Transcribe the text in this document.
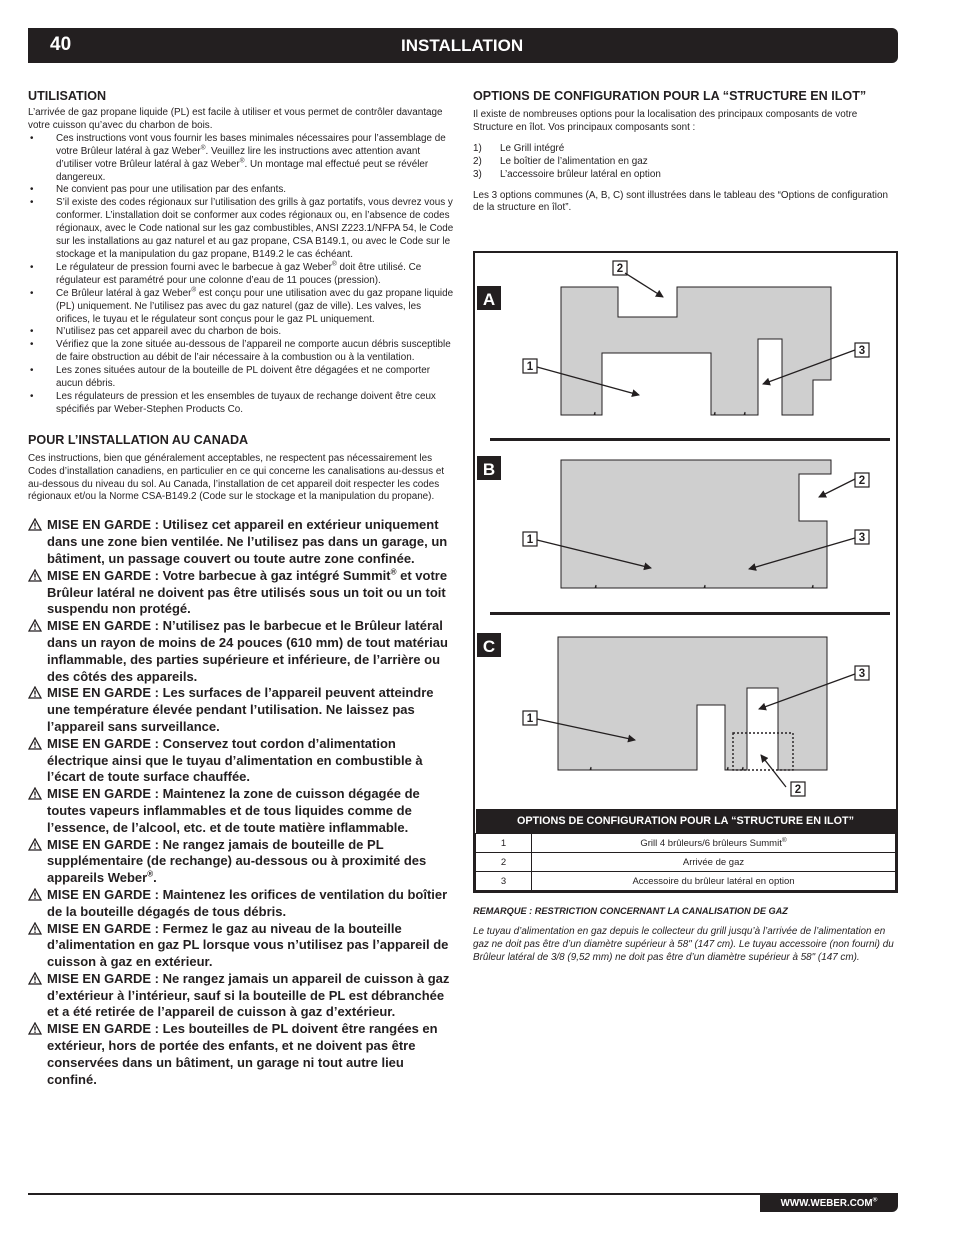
40	INSTALLATION
UTILISATION

L’arrivée de gaz propane liquide (PL) est facile à utiliser et vous permet de contrôler davantage votre cuisson qu’avec du charbon de bois.

• Ces instructions vont vous fournir les bases minimales nécessaires pour l’assemblage de votre Brûleur latéral à gaz Weber®. Veuillez lire les instructions avec attention avant d’utiliser votre Brûleur latéral à gaz Weber®. Un montage mal effectué peut se révéler dangereux.
• Ne convient pas pour une utilisation par des enfants.
• S’il existe des codes régionaux sur l’utilisation des grills à gaz portatifs, vous devrez vous y conformer. L’installation doit se conformer aux codes régionaux ou, en l’absence de codes régionaux, avec le Code national sur les gaz combustibles, ANSI Z223.1/NFPA 54, le Code sur les installations au gaz naturel et au gaz propane, CSA B149.1, ou avec le Code sur le stockage et la manipulation du gaz propane, B149.2 le cas échéant.
• Le régulateur de pression fourni avec le barbecue à gaz Weber® doit être utilisé. Ce régulateur est paramétré pour une colonne d’eau de 11 pouces (pression).
• Ce Brûleur latéral à gaz Weber® est conçu pour une utilisation avec du gaz propane liquide (PL) uniquement. Ne l’utilisez pas avec du gaz naturel (gaz de ville). Les valves, les orifices, le tuyau et le régulateur sont conçus pour le gaz PL uniquement.
• N’utilisez pas cet appareil avec du charbon de bois.
• Vérifiez que la zone située au-dessous de l’appareil ne comporte aucun débris susceptible de faire obstruction au débit de l’air nécessaire à la combustion ou à la ventilation.
• Les zones situées autour de la bouteille de PL doivent être dégagées et ne comporter aucun débris.
• Les régulateurs de pression et les ensembles de tuyaux de rechange doivent être ceux spécifiés par Weber-Stephen Products Co.
POUR L’INSTALLATION AU CANADA

Ces instructions, bien que généralement acceptables, ne respectent pas nécessairement les Codes d’installation canadiens, en particulier en ce qui concerne les canalisations au-dessus et au-dessous du niveau du sol. Au Canada, l’installation de cet appareil doit respecter les codes régionaux et/ou la Norme CSA-B149.2 (Code sur le stockage et la manipulation du propane).

MISE EN GARDE : Utilisez cet appareil en extérieur uniquement dans une zone bien ventilée. Ne l’utilisez pas dans un garage, un bâtiment, un passage couvert ou toute autre zone confinée.
MISE EN GARDE : Votre barbecue à gaz intégré Summit® et votre Brûleur latéral ne doivent pas être utilisés sous un toit ou un toit suspendu non protégé.
MISE EN GARDE : N’utilisez pas le barbecue et le Brûleur latéral dans un rayon de moins de 24 pouces (610 mm) de tout matériau inflammable, des parties supérieure et inférieure, de l’arrière ou des côtés des appareils.
MISE EN GARDE : Les surfaces de l’appareil peuvent atteindre une température élevée pendant l’utilisation. Ne laissez pas l’appareil sans surveillance.
MISE EN GARDE : Conservez tout cordon d’alimentation électrique ainsi que le tuyau d’alimentation en combustible à l’écart de toute surface chauffée.
MISE EN GARDE : Maintenez la zone de cuisson dégagée de toutes vapeurs inflammables et de tous liquides comme de l’essence, de l’alcool, etc. et de toute matière inflammable.
MISE EN GARDE : Ne rangez jamais de bouteille de PL supplémentaire (de rechange) au-dessous ou à proximité des appareils Weber®.
MISE EN GARDE : Maintenez les orifices de ventilation du boîtier de la bouteille dégagés de tous débris.
MISE EN GARDE : Fermez le gaz au niveau de la bouteille d’alimentation en gaz PL lorsque vous n’utilisez pas l’appareil de cuisson à gaz en extérieur.
MISE EN GARDE : Ne rangez jamais un appareil de cuisson à gaz d’extérieur à l’intérieur, sauf si la bouteille de PL est débranchée et a été retirée de l’appareil de cuisson à gaz d’extérieur.
MISE EN GARDE : Les bouteilles de PL doivent être rangées en extérieur, hors de portée des enfants, et ne doivent pas être conservées dans un bâtiment, un garage ni tout autre lieu confiné.
OPTIONS DE CONFIGURATION POUR LA “STRUCTURE EN ILOT”

Il existe de nombreuses options pour la localisation des principaux composants de votre Structure en îlot. Vos principaux composants sont :

1) Le Grill intégré
2) Le boîtier de l’alimentation en gaz
3) L’accessoire brûleur latéral en option

Les 3 options communes (A, B, C) sont illustrées dans le tableau des “Options de configuration de la structure en îlot”.

A
2
1
3
B
2
1	3
C
3
1
2
OPTIONS DE CONFIGURATION POUR LA “STRUCTURE EN ILOT”	
1	Grill 4 brûleurs/6 brûleurs Summit®
2	Arrivée de gaz
3	Accessoire du brûleur latéral en option
REMARQUE : RESTRICTION CONCERNANT LA CANALISATION DE GAZ

Le tuyau d’alimentation en gaz depuis le collecteur du grill jusqu’à l’arrivée de l’alimentation en gaz ne doit pas être d’un diamètre supérieur à 58" (147 cm). Le tuyau accessoire (non fourni) du Brûleur latéral de 3/8 (9,52 mm) ne doit pas être d’un diamètre supérieur à 58" (147 cm).

WWW.WEBER.COM®
